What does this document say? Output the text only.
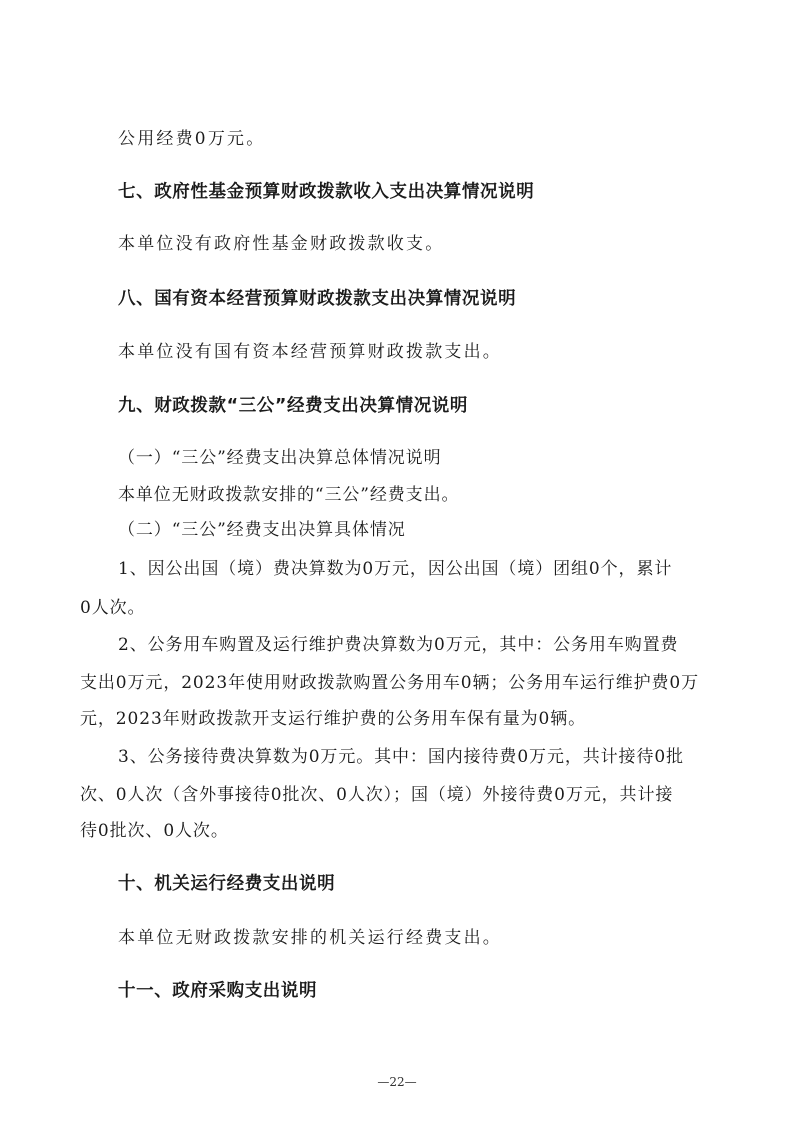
公用经费0万元。
七、政府性基金预算财政拨款收入支出决算情况说明
本单位没有政府性基金财政拨款收支。
八、国有资本经营预算财政拨款支出决算情况说明
本单位没有国有资本经营预算财政拨款支出。
九、财政拨款“三公”经费支出决算情况说明
（一）“三公”经费支出决算总体情况说明
本单位无财政拨款安排的“三公”经费支出。
（二）“三公”经费支出决算具体情况
1、因公出国（境）费决算数为0万元，因公出国（境）团组0个，累计
0人次。
2、公务用车购置及运行维护费决算数为0万元，其中：公务用车购置费
支出0万元，2023年使用财政拨款购置公务用车0辆；公务用车运行维护费0万
元，2023年财政拨款开支运行维护费的公务用车保有量为0辆。
3、公务接待费决算数为0万元。其中：国内接待费0万元，共计接待0批
次、0人次（含外事接待0批次、0人次）；国（境）外接待费0万元，共计接
待0批次、0人次。
十、机关运行经费支出说明
本单位无财政拨款安排的机关运行经费支出。
十一、政府采购支出说明
—22—
